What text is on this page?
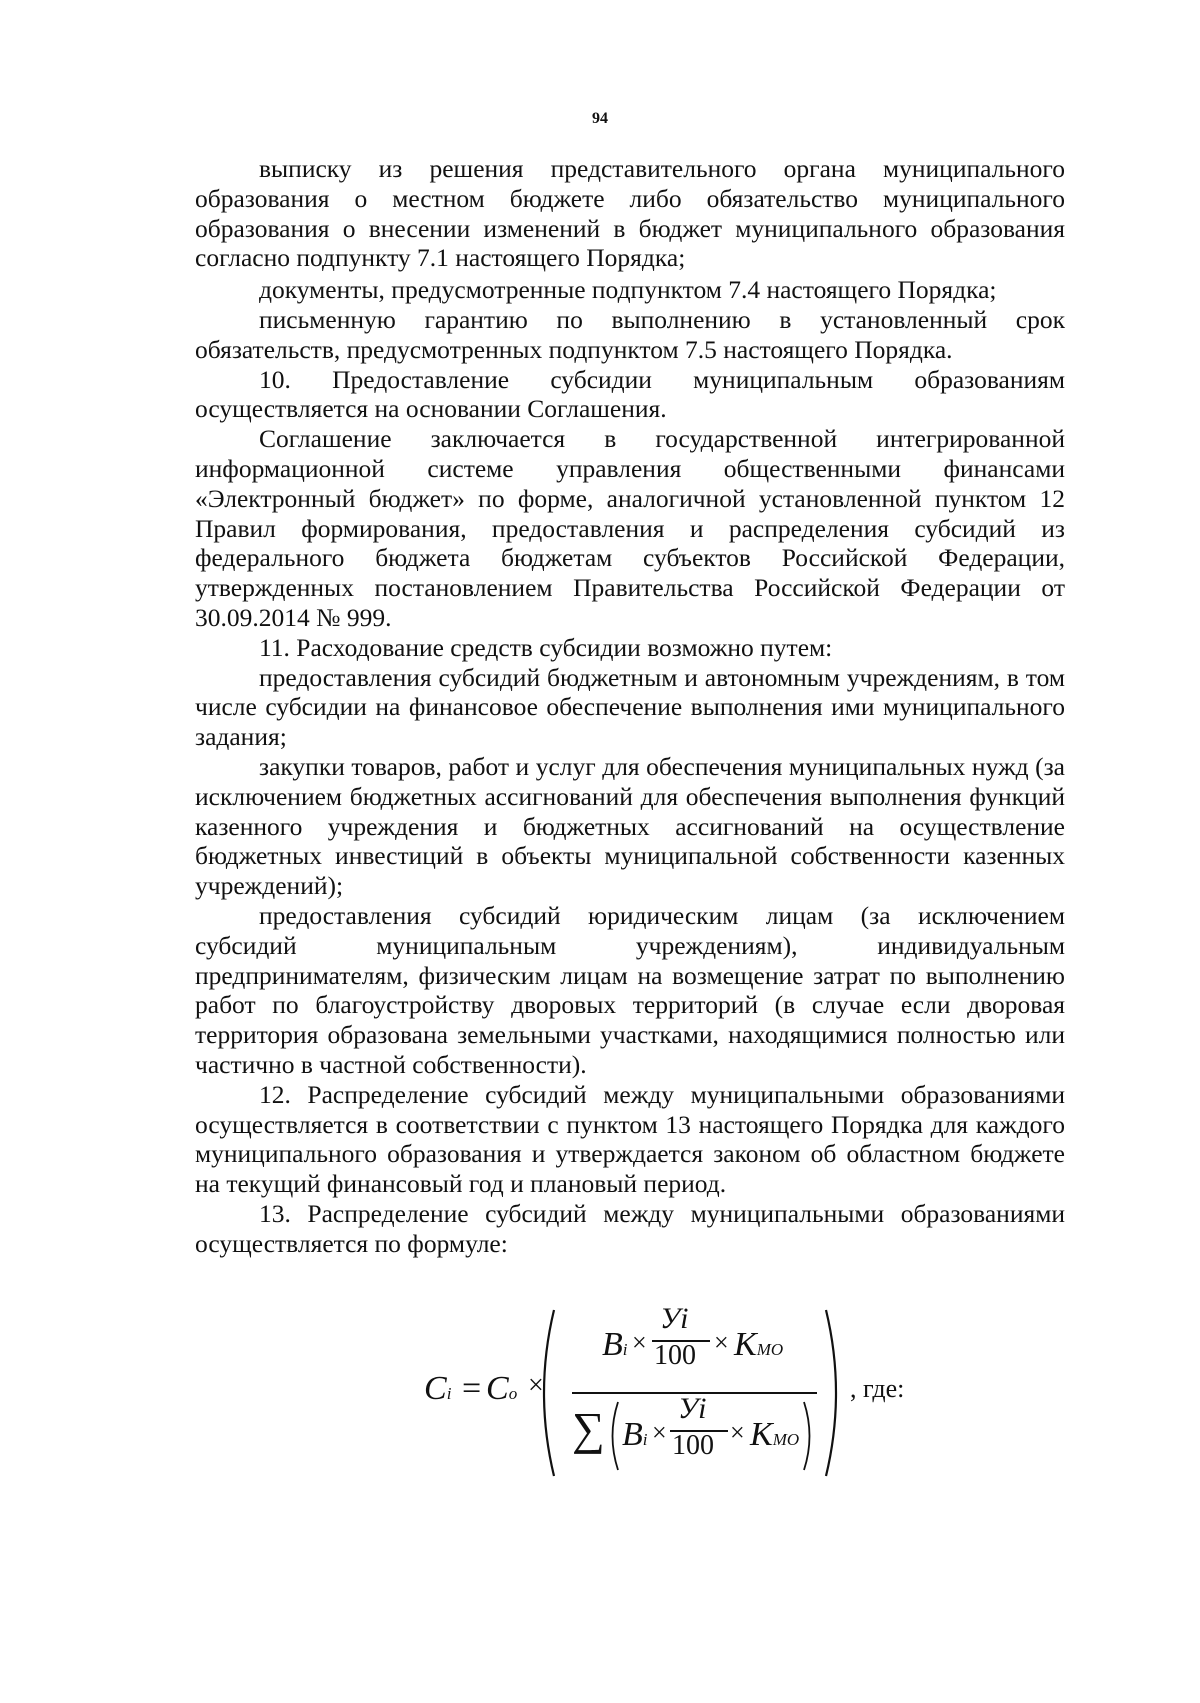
94

выписку из решения представительного органа муниципального образования о местном бюджете либо обязательство муниципального образования о внесении изменений в бюджет муниципального образования согласно подпункту 7.1 настоящего Порядка;

документы, предусмотренные подпунктом 7.4 настоящего Порядка;

письменную гарантию по выполнению в установленный срок обязательств, предусмотренных подпунктом 7.5 настоящего Порядка.

10. Предоставление субсидии муниципальным образованиям осуществляется на основании Соглашения.

Соглашение заключается в государственной интегрированной информационной системе управления общественными финансами «Электронный бюджет» по форме, аналогичной установленной пунктом 12 Правил формирования, предоставления и распределения субсидий из федерального бюджета бюджетам субъектов Российской Федерации, утвержденных постановлением Правительства Российской Федерации от 30.09.2014 № 999.

11. Расходование средств субсидии возможно путем:

предоставления субсидий бюджетным и автономным учреждениям, в том числе субсидии на финансовое обеспечение выполнения ими муниципального задания;

закупки товаров, работ и услуг для обеспечения муниципальных нужд (за исключением бюджетных ассигнований для обеспечения выполнения функций казенного учреждения и бюджетных ассигнований на осуществление бюджетных инвестиций в объекты муниципальной собственности казенных учреждений);

предоставления субсидий юридическим лицам (за исключением субсидий муниципальным учреждениям), индивидуальным предпринимателям, физическим лицам на возмещение затрат по выполнению работ по благоустройству дворовых территорий (в случае если дворовая территория образована земельными участками, находящимися полностью или частично в частной собственности).

12. Распределение субсидий между муниципальными образованиями осуществляется в соответствии с пунктом 13 настоящего Порядка для каждого муниципального образования и утверждается законом об областном бюджете на текущий финансовый год и плановый период.

13. Распределение субсидий между муниципальными образованиями осуществляется по формуле:

Ci = Co ×
Bi ×
Уi
100 × KМО
∑ Bi ×
Уi
100 × KМО
, где:
